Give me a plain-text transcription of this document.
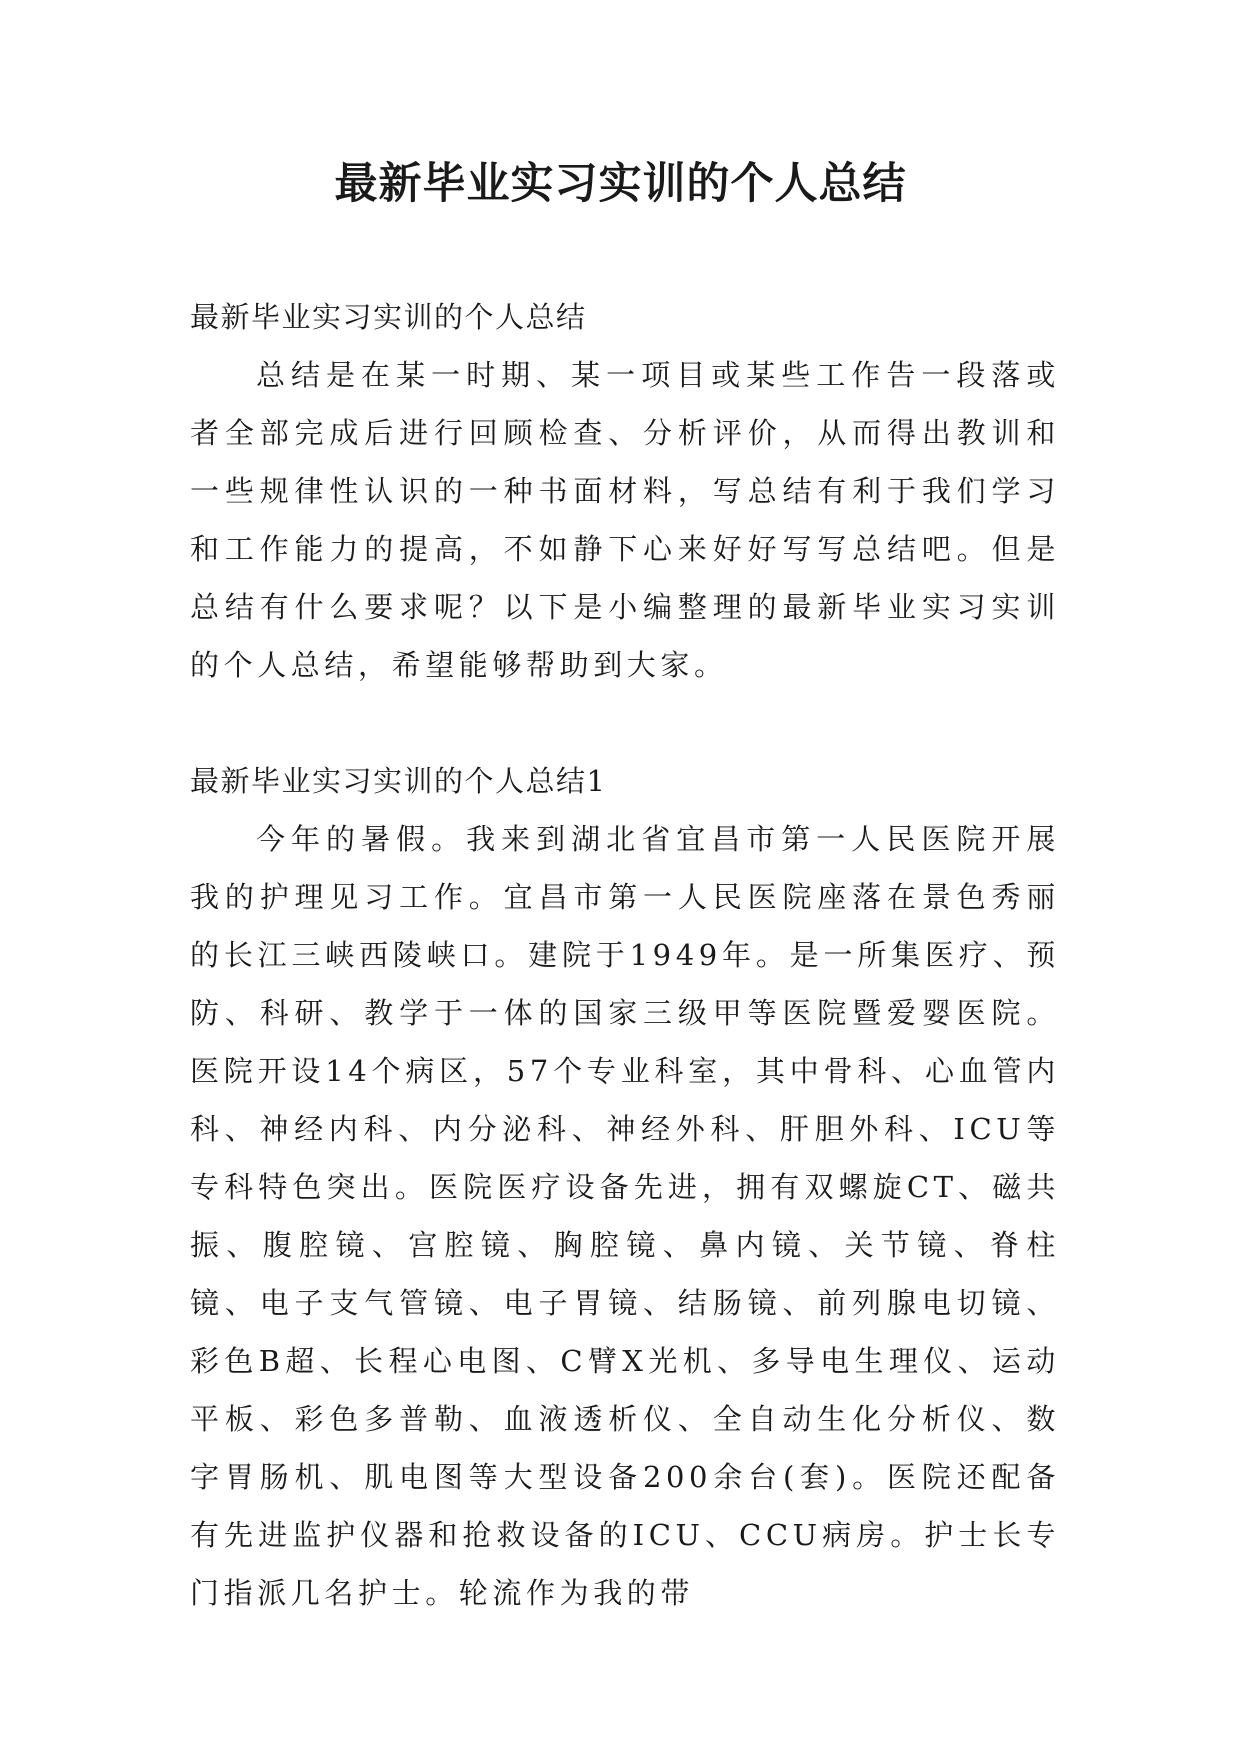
最新毕业实习实训的个人总结

最新毕业实习实训的个人总结

总结是在某一时期、某一项目或某些工作告一段落或者全部完成后进行回顾检查、分析评价，从而得出教训和一些规律性认识的一种书面材料，写总结有利于我们学习和工作能力的提高，不如静下心来好好写写总结吧。但是总结有什么要求呢？以下是小编整理的最新毕业实习实训的个人总结，希望能够帮助到大家。

最新毕业实习实训的个人总结1

今年的暑假。我来到湖北省宜昌市第一人民医院开展我的护理见习工作。宜昌市第一人民医院座落在景色秀丽的长江三峡西陵峡口。建院于1949年。是一所集医疗、预防、科研、教学于一体的国家三级甲等医院暨爱婴医院。医院开设14个病区，57个专业科室，其中骨科、心血管内科、神经内科、内分泌科、神经外科、肝胆外科、ICU等专科特色突出。医院医疗设备先进，拥有双螺旋CT、磁共振、腹腔镜、宫腔镜、胸腔镜、鼻内镜、关节镜、脊柱镜、电子支气管镜、电子胃镜、结肠镜、前列腺电切镜、彩色B超、长程心电图、C臂X光机、多导电生理仪、运动平板、彩色多普勒、血液透析仪、全自动生化分析仪、数字胃肠机、肌电图等大型设备200余台(套)。医院还配备有先进监护仪器和抢救设备的ICU、CCU病房。护士长专门指派几名护士。轮流作为我的带
